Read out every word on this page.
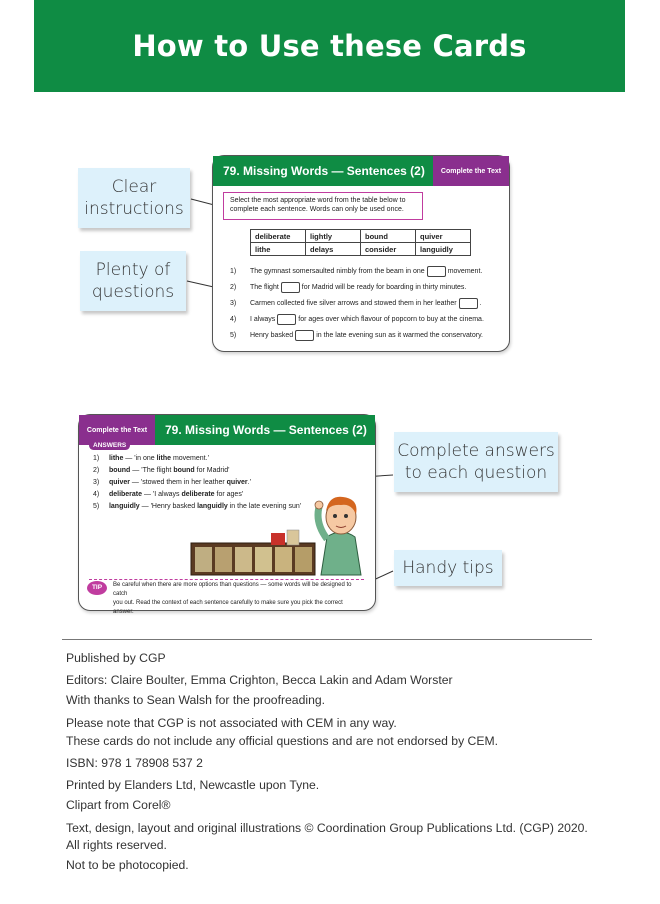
How to Use these Cards
Clear
instructions
Plenty of
questions
Complete answers
to each question
Handy tips
79. Missing Words — Sentences (2)	Complete the Text
Select the most appropriate word from the table below to
complete each sentence. Words can only be used once.
deliberate	lightly	bound	quiver
lithe	delays	consider	languidly
1)	The gymnast somersaulted nimbly from the beam in one	movement.
2)	The flight	for Madrid will be ready for boarding in thirty minutes.
3)	Carmen collected five silver arrows and stowed them in her leather	.
4)	I always	for ages over which flavour of popcorn to buy at the cinema.
5)	Henry basked	in the late evening sun as it warmed the conservatory.
Complete the Text	79. Missing Words — Sentences (2)
ANSWERS
1) lithe — 'in one lithe movement.'
2) bound — 'The flight bound for Madrid'
3) quiver — 'stowed them in her leather quiver.'
4) deliberate — 'I always deliberate for ages'
5) languidly — 'Henry basked languidly in the late evening sun'
TIP	Be careful when there are more options than questions — some words will be designed to catch
you out. Read the context of each sentence carefully to make sure you pick the correct answer.
Published by CGP
Editors: Claire Boulter, Emma Crighton, Becca Lakin and Adam Worster
With thanks to Sean Walsh for the proofreading.
Please note that CGP is not associated with CEM in any way.
These cards do not include any official questions and are not endorsed by CEM.
ISBN: 978 1 78908 537 2
Printed by Elanders Ltd, Newcastle upon Tyne.
Clipart from Corel®
Text, design, layout and original illustrations © Coordination Group Publications Ltd. (CGP) 2020.
All rights reserved.
Not to be photocopied.
